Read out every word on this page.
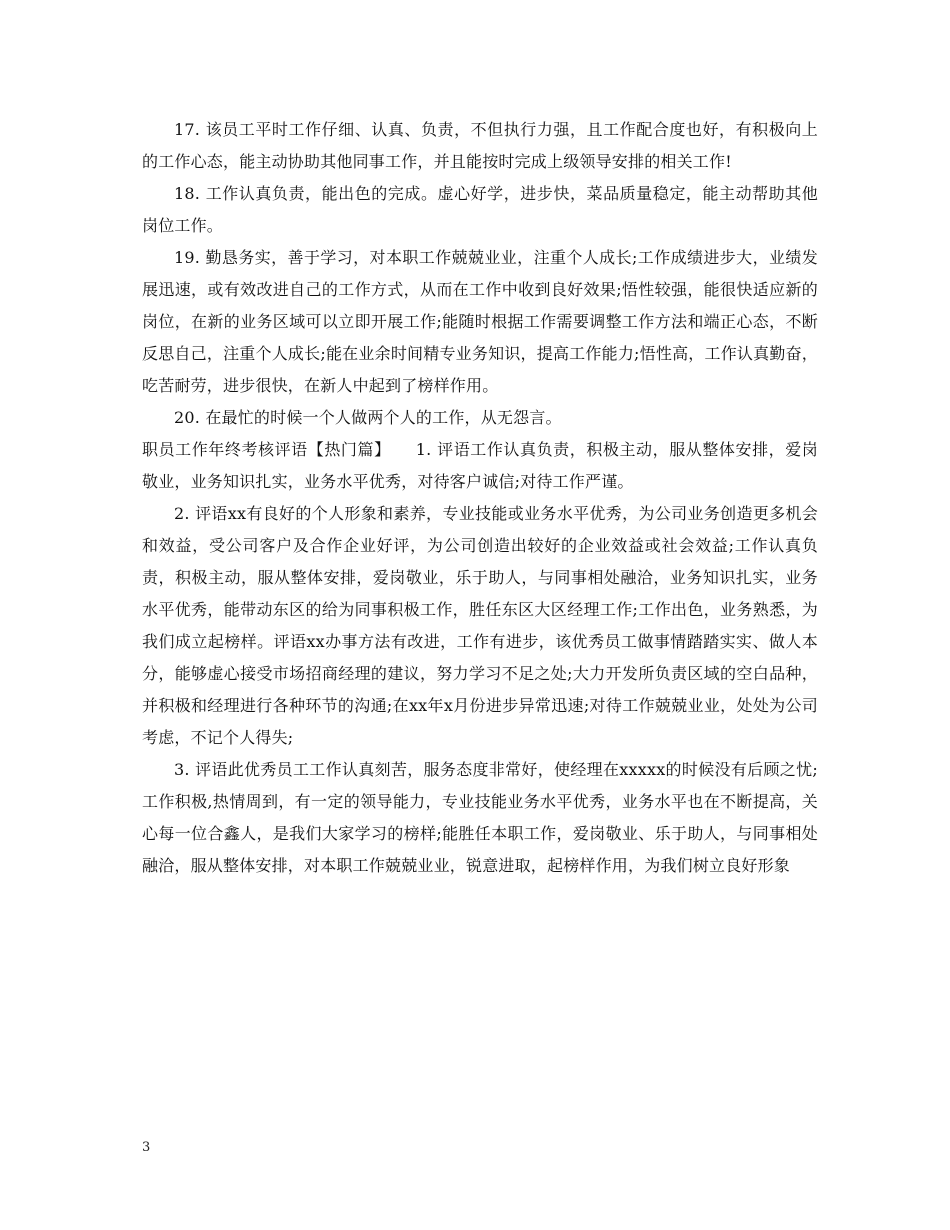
17. 该员工平时工作仔细、认真、负责，不但执行力强，且工作配合度也好，有积极向上的工作心态，能主动协助其他同事工作，并且能按时完成上级领导安排的相关工作!

18. 工作认真负责，能出色的完成。虚心好学，进步快，菜品质量稳定，能主动帮助其他岗位工作。

19. 勤恳务实，善于学习，对本职工作兢兢业业，注重个人成长;工作成绩进步大，业绩发展迅速，或有效改进自己的工作方式，从而在工作中收到良好效果;悟性较强，能很快适应新的岗位，在新的业务区域可以立即开展工作;能随时根据工作需要调整工作方法和端正心态，不断反思自己，注重个人成长;能在业余时间精专业务知识，提高工作能力;悟性高，工作认真勤奋，吃苦耐劳，进步很快，在新人中起到了榜样作用。

20. 在最忙的时候一个人做两个人的工作，从无怨言。

职员工作年终考核评语【热门篇】　　1. 评语工作认真负责，积极主动，服从整体安排，爱岗敬业，业务知识扎实，业务水平优秀，对待客户诚信;对待工作严谨。

2. 评语xx有良好的个人形象和素养，专业技能或业务水平优秀，为公司业务创造更多机会和效益，受公司客户及合作企业好评，为公司创造出较好的企业效益或社会效益;工作认真负责，积极主动，服从整体安排，爱岗敬业，乐于助人，与同事相处融洽，业务知识扎实，业务水平优秀，能带动东区的给为同事积极工作，胜任东区大区经理工作;工作出色，业务熟悉，为我们成立起榜样。评语xx办事方法有改进，工作有进步，该优秀员工做事情踏踏实实、做人本分，能够虚心接受市场招商经理的建议，努力学习不足之处;大力开发所负责区域的空白品种，并积极和经理进行各种环节的沟通;在xx年x月份进步异常迅速;对待工作兢兢业业，处处为公司考虑，不记个人得失;

3. 评语此优秀员工工作认真刻苦，服务态度非常好，使经理在xxxxx的时候没有后顾之忧;工作积极,热情周到，有一定的领导能力，专业技能业务水平优秀，业务水平也在不断提高，关心每一位合鑫人，是我们大家学习的榜样;能胜任本职工作，爱岗敬业、乐于助人，与同事相处融洽，服从整体安排，对本职工作兢兢业业，锐意进取，起榜样作用，为我们树立良好形象

3
